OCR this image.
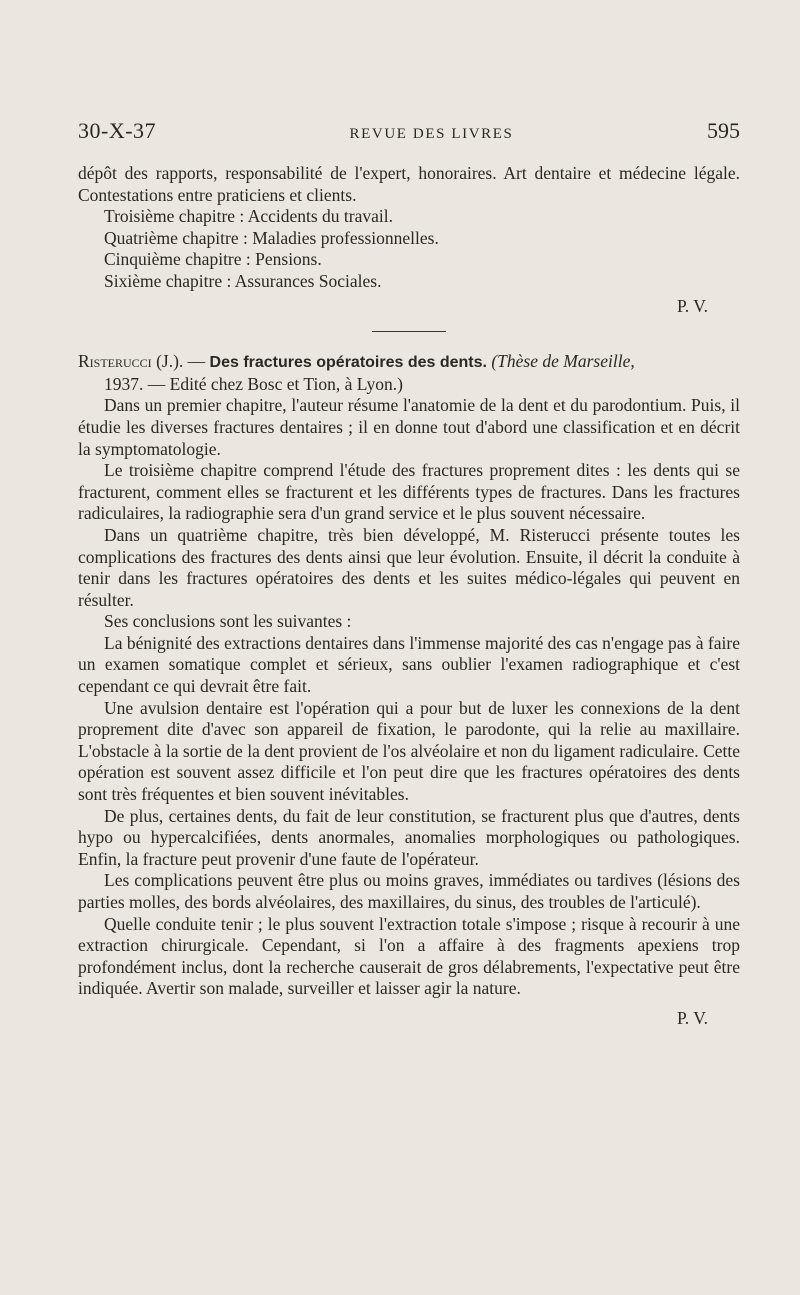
30-X-37	REVUE DES LIVRES	595

dépôt des rapports, responsabilité de l'expert, honoraires. Art dentaire et médecine légale. Contestations entre praticiens et clients.

Troisième chapitre : Accidents du travail.

Quatrième chapitre : Maladies professionnelles.

Cinquième chapitre : Pensions.

Sixième chapitre : Assurances Sociales.

P. V.

Risterucci (J.). — Des fractures opératoires des dents. (Thèse de Marseille,
1937. — Edité chez Bosc et Tion, à Lyon.)

Dans un premier chapitre, l'auteur résume l'anatomie de la dent et du parodontium. Puis, il étudie les diverses fractures dentaires ; il en donne tout d'abord une classification et en décrit la symptomatologie.

Le troisième chapitre comprend l'étude des fractures proprement dites : les dents qui se fracturent, comment elles se fracturent et les différents types de fractures. Dans les fractures radiculaires, la radiographie sera d'un grand service et le plus souvent nécessaire.

Dans un quatrième chapitre, très bien développé, M. Risterucci présente toutes les complications des fractures des dents ainsi que leur évolution. Ensuite, il décrit la conduite à tenir dans les fractures opératoires des dents et les suites médico-légales qui peuvent en résulter.

Ses conclusions sont les suivantes :

La bénignité des extractions dentaires dans l'immense majorité des cas n'engage pas à faire un examen somatique complet et sérieux, sans oublier l'examen radiographique et c'est cependant ce qui devrait être fait.

Une avulsion dentaire est l'opération qui a pour but de luxer les connexions de la dent proprement dite d'avec son appareil de fixation, le parodonte, qui la relie au maxillaire. L'obstacle à la sortie de la dent provient de l'os alvéolaire et non du ligament radiculaire. Cette opération est souvent assez difficile et l'on peut dire que les fractures opératoires des dents sont très fréquentes et bien souvent inévitables.

De plus, certaines dents, du fait de leur constitution, se fracturent plus que d'autres, dents hypo ou hypercalcifiées, dents anormales, anomalies morphologiques ou pathologiques. Enfin, la fracture peut provenir d'une faute de l'opérateur.

Les complications peuvent être plus ou moins graves, immédiates ou tardives (lésions des parties molles, des bords alvéolaires, des maxillaires, du sinus, des troubles de l'articulé).

Quelle conduite tenir ; le plus souvent l'extraction totale s'impose ; risque à recourir à une extraction chirurgicale. Cependant, si l'on a affaire à des fragments apexiens trop profondément inclus, dont la recherche causerait de gros délabrements, l'expectative peut être indiquée. Avertir son malade, surveiller et laisser agir la nature.

P. V.
